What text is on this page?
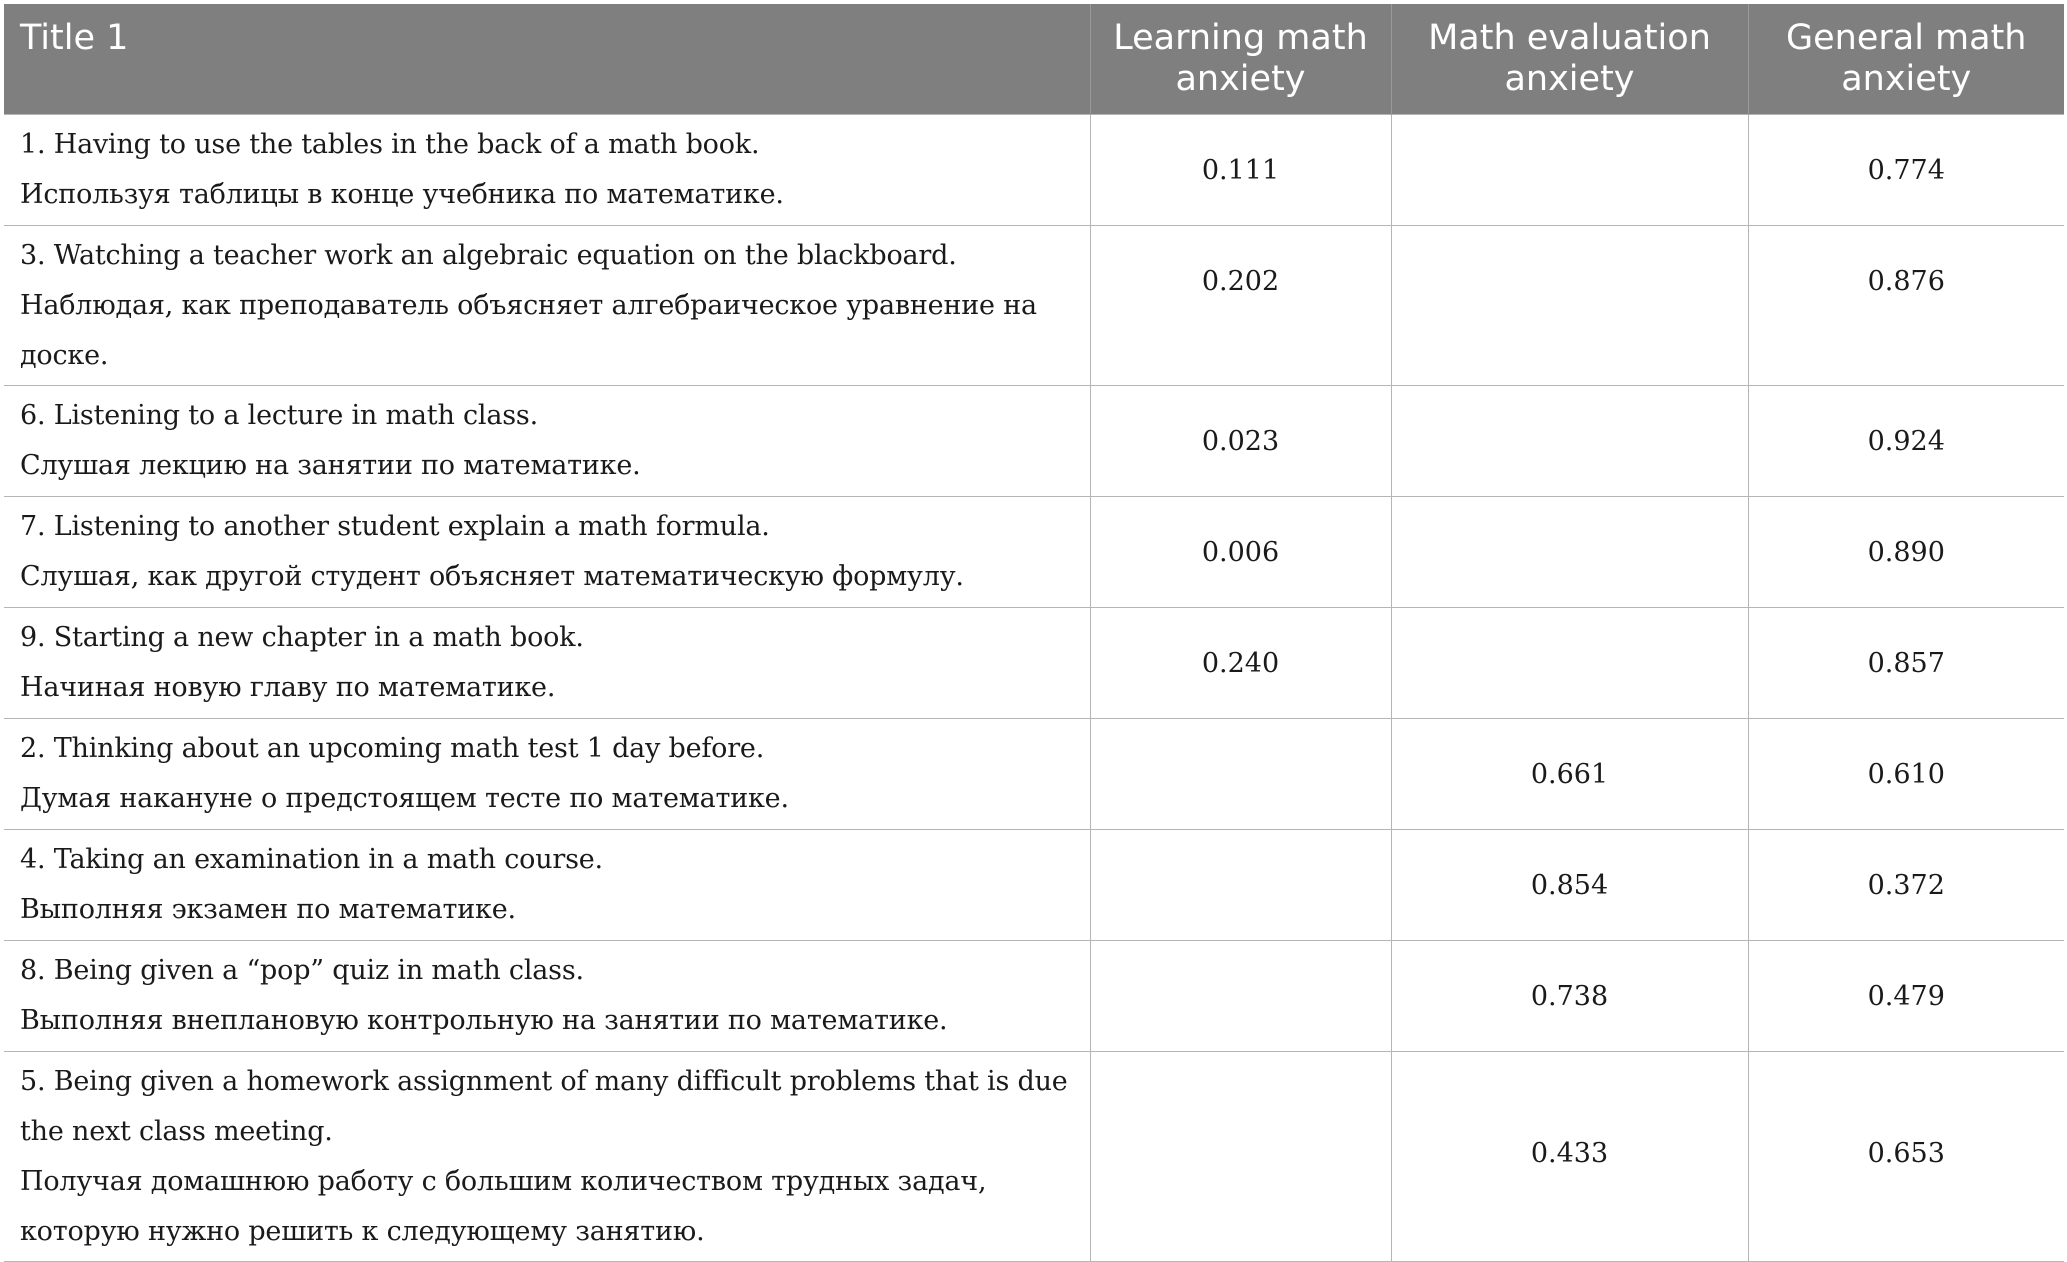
Title 1	Learning math anxiety	Math evaluation anxiety	General math anxiety

1. Having to use the tables in the back of a math book.
Используя таблицы в конце учебника по математике.	0.111		0.774

3. Watching a teacher work an algebraic equation on the blackboard.
Наблюдая, как преподаватель объясняет алгебраическое уравнение на доске.	0.202		0.876

6. Listening to a lecture in math class.
Слушая лекцию на занятии по математике.	0.023		0.924

7. Listening to another student explain a math formula.
Слушая, как другой студент объясняет математическую формулу.	0.006		0.890

9. Starting a new chapter in a math book.
Начиная новую главу по математике.	0.240		0.857

2. Thinking about an upcoming math test 1 day before.
Думая накануне о предстоящем тесте по математике.		0.661	0.610

4. Taking an examination in a math course.
Выполняя экзамен по математике.		0.854	0.372

8. Being given a “pop” quiz in math class.
Выполняя внеплановую контрольную на занятии по математике.		0.738	0.479

5. Being given a homework assignment of many difficult problems that is due the next class meeting.
Получая домашнюю работу с большим количеством трудных задач, которую нужно решить к следующему занятию.		0.433	0.653
